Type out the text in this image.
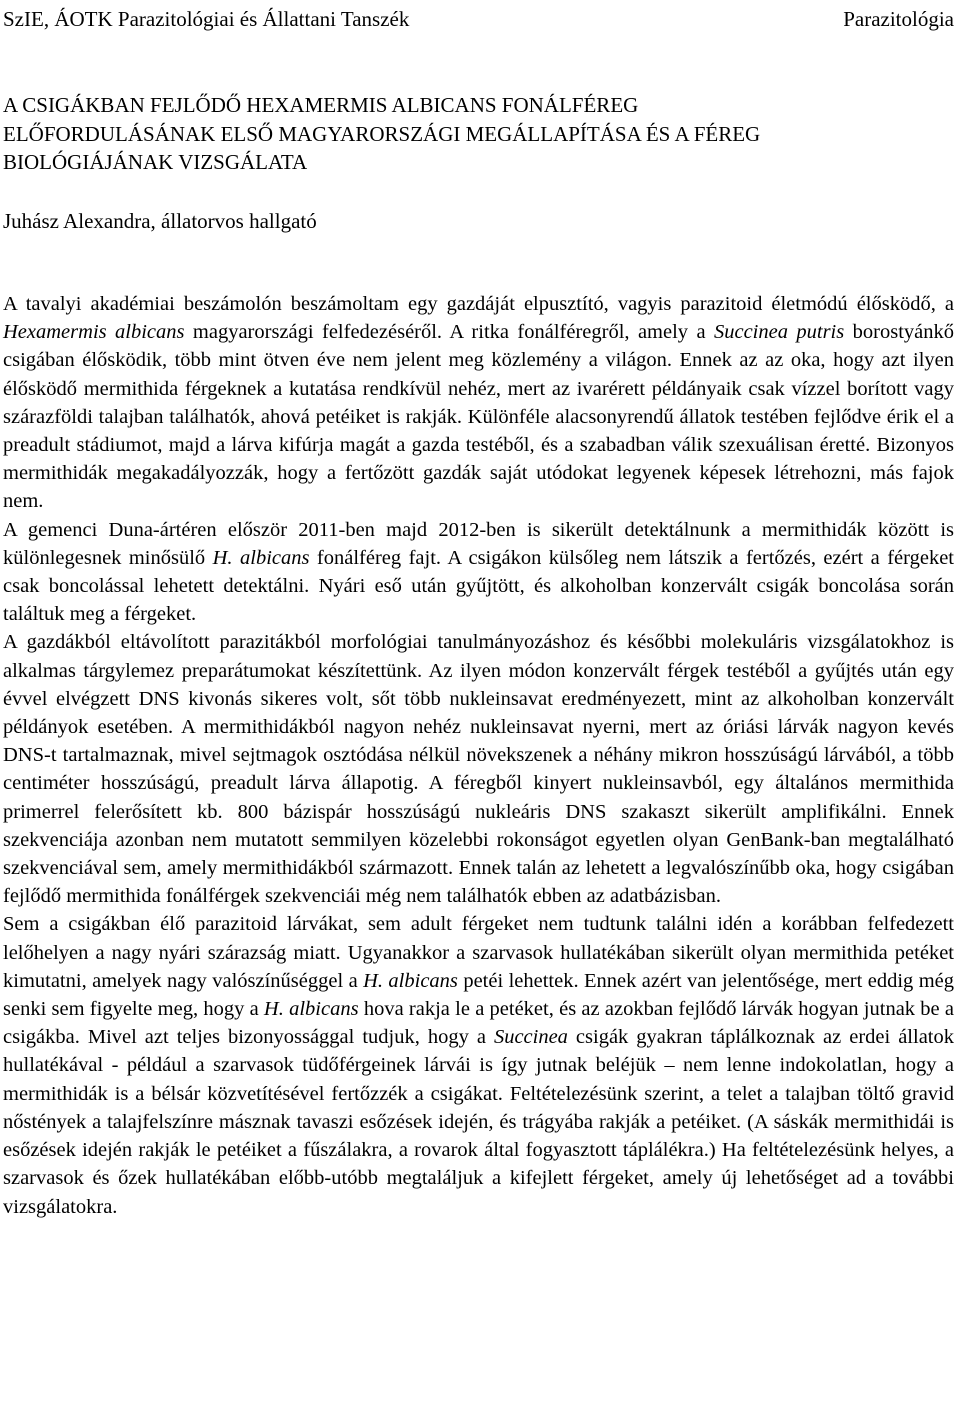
SzIE, ÁOTK Parazitológiai és Állattani Tanszék	Parazitológia
A CSIGÁKBAN FEJLŐDŐ HEXAMERMIS ALBICANS FONÁLFÉREG
ELŐFORDULÁSÁNAK ELSŐ MAGYARORSZÁGI MEGÁLLAPÍTÁSA ÉS A FÉREG
BIOLÓGIÁJÁNAK VIZSGÁLATA
Juhász Alexandra, állatorvos hallgató

A tavalyi akadémiai beszámolón beszámoltam egy gazdáját elpusztító, vagyis parazitoid életmódú élősködő, a Hexamermis albicans magyarországi felfedezéséről. A ritka fonálféregről, amely a Succinea putris borostyánkő csigában élősködik, több mint ötven éve nem jelent meg közlemény a világon. Ennek az az oka, hogy azt ilyen élősködő mermithida férgeknek a kutatása rendkívül nehéz, mert az ivarérett példányaik csak vízzel borított vagy szárazföldi talajban találhatók, ahová petéiket is rakják. Különféle alacsonyrendű állatok testében fejlődve érik el a preadult stádiumot, majd a lárva kifúrja magát a gazda testéből, és a szabadban válik szexuálisan éretté. Bizonyos mermithidák megakadályozzák, hogy a fertőzött gazdák saját utódokat legyenek képesek létrehozni, más fajok nem.

A gemenci Duna-ártéren először 2011-ben majd 2012-ben is sikerült detektálnunk a mermithidák között is különlegesnek minősülő H. albicans fonálféreg fajt. A csigákon külsőleg nem látszik a fertőzés, ezért a férgeket csak boncolással lehetett detektálni. Nyári eső után gyűjtött, és alkoholban konzervált csigák boncolása során találtuk meg a férgeket.

A gazdákból eltávolított parazitákból morfológiai tanulmányozáshoz és későbbi molekuláris vizsgálatokhoz is alkalmas tárgylemez preparátumokat készítettünk. Az ilyen módon konzervált férgek testéből a gyűjtés után egy évvel elvégzett DNS kivonás sikeres volt, sőt több nukleinsavat eredményezett, mint az alkoholban konzervált példányok esetében. A mermithidákból nagyon nehéz nukleinsavat nyerni, mert az óriási lárvák nagyon kevés DNS-t tartalmaznak, mivel sejtmagok osztódása nélkül növekszenek a néhány mikron hosszúságú lárvából, a több centiméter hosszúságú, preadult lárva állapotig. A féregből kinyert nukleinsavból, egy általános mermithida primerrel felerősített kb. 800 bázispár hosszúságú nukleáris DNS szakaszt sikerült amplifikálni. Ennek szekvenciája azonban nem mutatott semmilyen közelebbi rokonságot egyetlen olyan GenBank-ban megtalálható szekvenciával sem, amely mermithidákból származott. Ennek talán az lehetett a legvalószínűbb oka, hogy csigában fejlődő mermithida fonálférgek szekvenciái még nem találhatók ebben az adatbázisban.

Sem a csigákban élő parazitoid lárvákat, sem adult férgeket nem tudtunk találni idén a korábban felfedezett lelőhelyen a nagy nyári szárazság miatt. Ugyanakkor a szarvasok hullatékában sikerült olyan mermithida petéket kimutatni, amelyek nagy valószínűséggel a H. albicans petéi lehettek. Ennek azért van jelentősége, mert eddig még senki sem figyelte meg, hogy a H. albicans hova rakja le a petéket, és az azokban fejlődő lárvák hogyan jutnak be a csigákba. Mivel azt teljes bizonyossággal tudjuk, hogy a Succinea csigák gyakran táplálkoznak az erdei állatok hullatékával - például a szarvasok tüdőférgeinek lárvái is így jutnak beléjük – nem lenne indokolatlan, hogy a mermithidák is a bélsár közvetítésével fertőzzék a csigákat. Feltételezésünk szerint, a telet a talajban töltő gravid nőstények a talajfelszínre másznak tavaszi esőzések idején, és trágyába rakják a petéiket. (A sáskák mermithidái is esőzések idején rakják le petéiket a fűszálakra, a rovarok által fogyasztott táplálékra.) Ha feltételezésünk helyes, a szarvasok és őzek hullatékában előbb-utóbb megtaláljuk a kifejlett férgeket, amely új lehetőséget ad a további vizsgálatokra.
